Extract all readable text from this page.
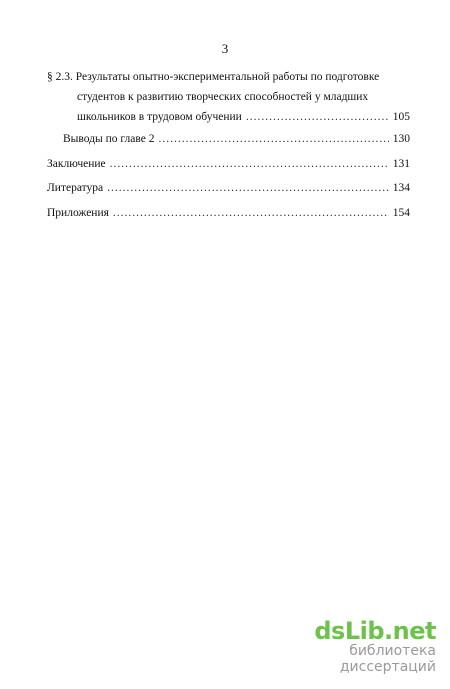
3
§ 2.3. Результаты опытно-экспериментальной работы по подготовке
студентов к развитию творческих способностей у младших
школьников в трудовом обучении .....	105
Выводы по главе 2 .....	130
Заключение .....	131
Литература .....	134
Приложения .....	154
dsLib.net
библиотека диссертаций
